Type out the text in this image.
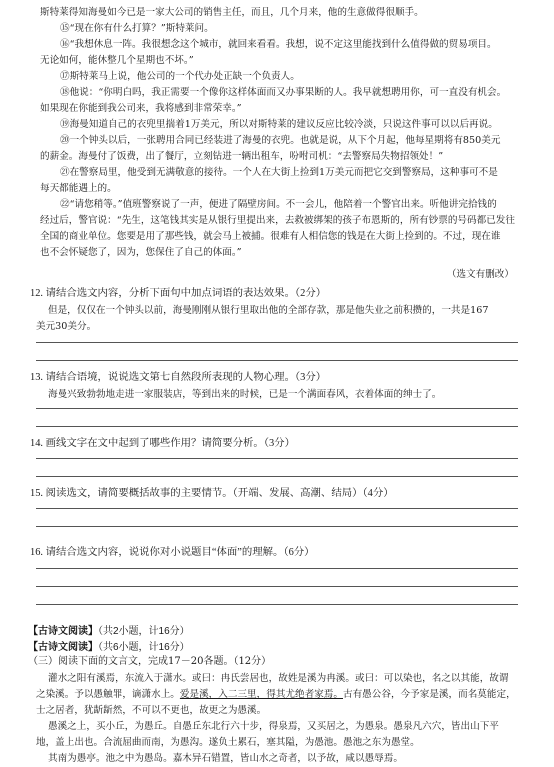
斯特莱得知海曼如今已是一家大公司的销售主任，而且，几个月来，他的生意做得很顺手。
⑮“现在你有什么打算？”斯特莱问。
⑯“我想休息一阵。我很想念这个城市，就回来看看。我想，说不定这里能找到什么值得做的贸易项目。
无论如何，能休整几个星期也不坏。”
⑰斯特莱马上说，他公司的一个代办处正缺一个负责人。
⑱他说：“你明白吗，我正需要一个像你这样体面而又办事果断的人。我早就想聘用你，可一直没有机会。
如果现在你能到我公司来，我将感到非常荣幸。”
⑲海曼知道自己的衣兜里揣着1万美元，所以对斯特莱的建议反应比较冷淡，只说这件事可以以后再说。
⑳一个钟头以后，一张聘用合同已经装进了海曼的衣兜。也就是说，从下个月起，他每星期将有850美元
的薪金。海曼付了饭费，出了餐厅，立刻钻进一辆出租车，吩咐司机：“去警察局失物招领处！”
㉑在警察局里，他受到无满敬意的接待。一个人在大街上捡到1万美元而把它交到警察局，这种事可不是
每天都能遇上的。
㉒“请您稍等。”值班警察说了一声，便进了隔壁房间。不一会儿，他陪着一个警官出来。听他讲完拾钱的
经过后，警官说：“先生，这笔钱其实是从银行里提出来，去救被绑架的孩子布恩斯的，所有钞票的号码都已发往
全国的商业单位。您要是用了那些钱，就会马上被捕。很难有人相信您的钱是在大街上捡到的。不过，现在谁
也不会怀疑您了，因为，您保住了自己的体面。”
（选文有删改）
12. 请结合选文内容，分析下面句中加点词语的表达效果。（2分）
但是，仅仅在一个钟头以前，海曼刚刚从银行里取出他的全部存款，那是他失业之前积攒的，一共是167
美元30美分。
13. 请结合语境，说说选文第七自然段所表现的人物心理。（3分）
海曼兴致勃勃地走进一家服装店，等到出来的时候，已是一个满面春风，衣着体面的绅士了。
14. 画线文字在文中起到了哪些作用？请简要分析。（3分）
15. 阅读选文，请简要概括故事的主要情节。（开端、发展、高潮、结局）（4分）
16. 请结合选文内容，说说你对小说题目“体面”的理解。（6分）
【古诗文阅读】（共2小题，计16分）
【古诗文阅读】（共6小题，计16分）
（三）阅读下面的文言文，完成17－20各题。（12分）
灌水之阳有溪焉，东流入于潇水。或曰：冉氏尝居也，故姓是溪为冉溪。或曰：可以染也，名之以其能，故谓
之染溪。予以愚触罪，谪潇水上。爱是溪，入二三里，得其尤绝者家焉。古有愚公谷，今予家是溪，而名莫能定，
士之居者，犹龂龂然，不可以不更也，故更之为愚溪。
愚溪之上，买小丘，为愚丘。自愚丘东北行六十步，得泉焉，又买居之，为愚泉。愚泉凡六穴，皆出山下平
地，盖上出也。合流屈曲而南，为愚沟。遂负土累石，塞其隘，为愚池。愚池之东为愚堂。
其南为愚亭。池之中为愚岛。嘉木异石错置，皆山水之奇者，以予故，咸以愚辱焉。
